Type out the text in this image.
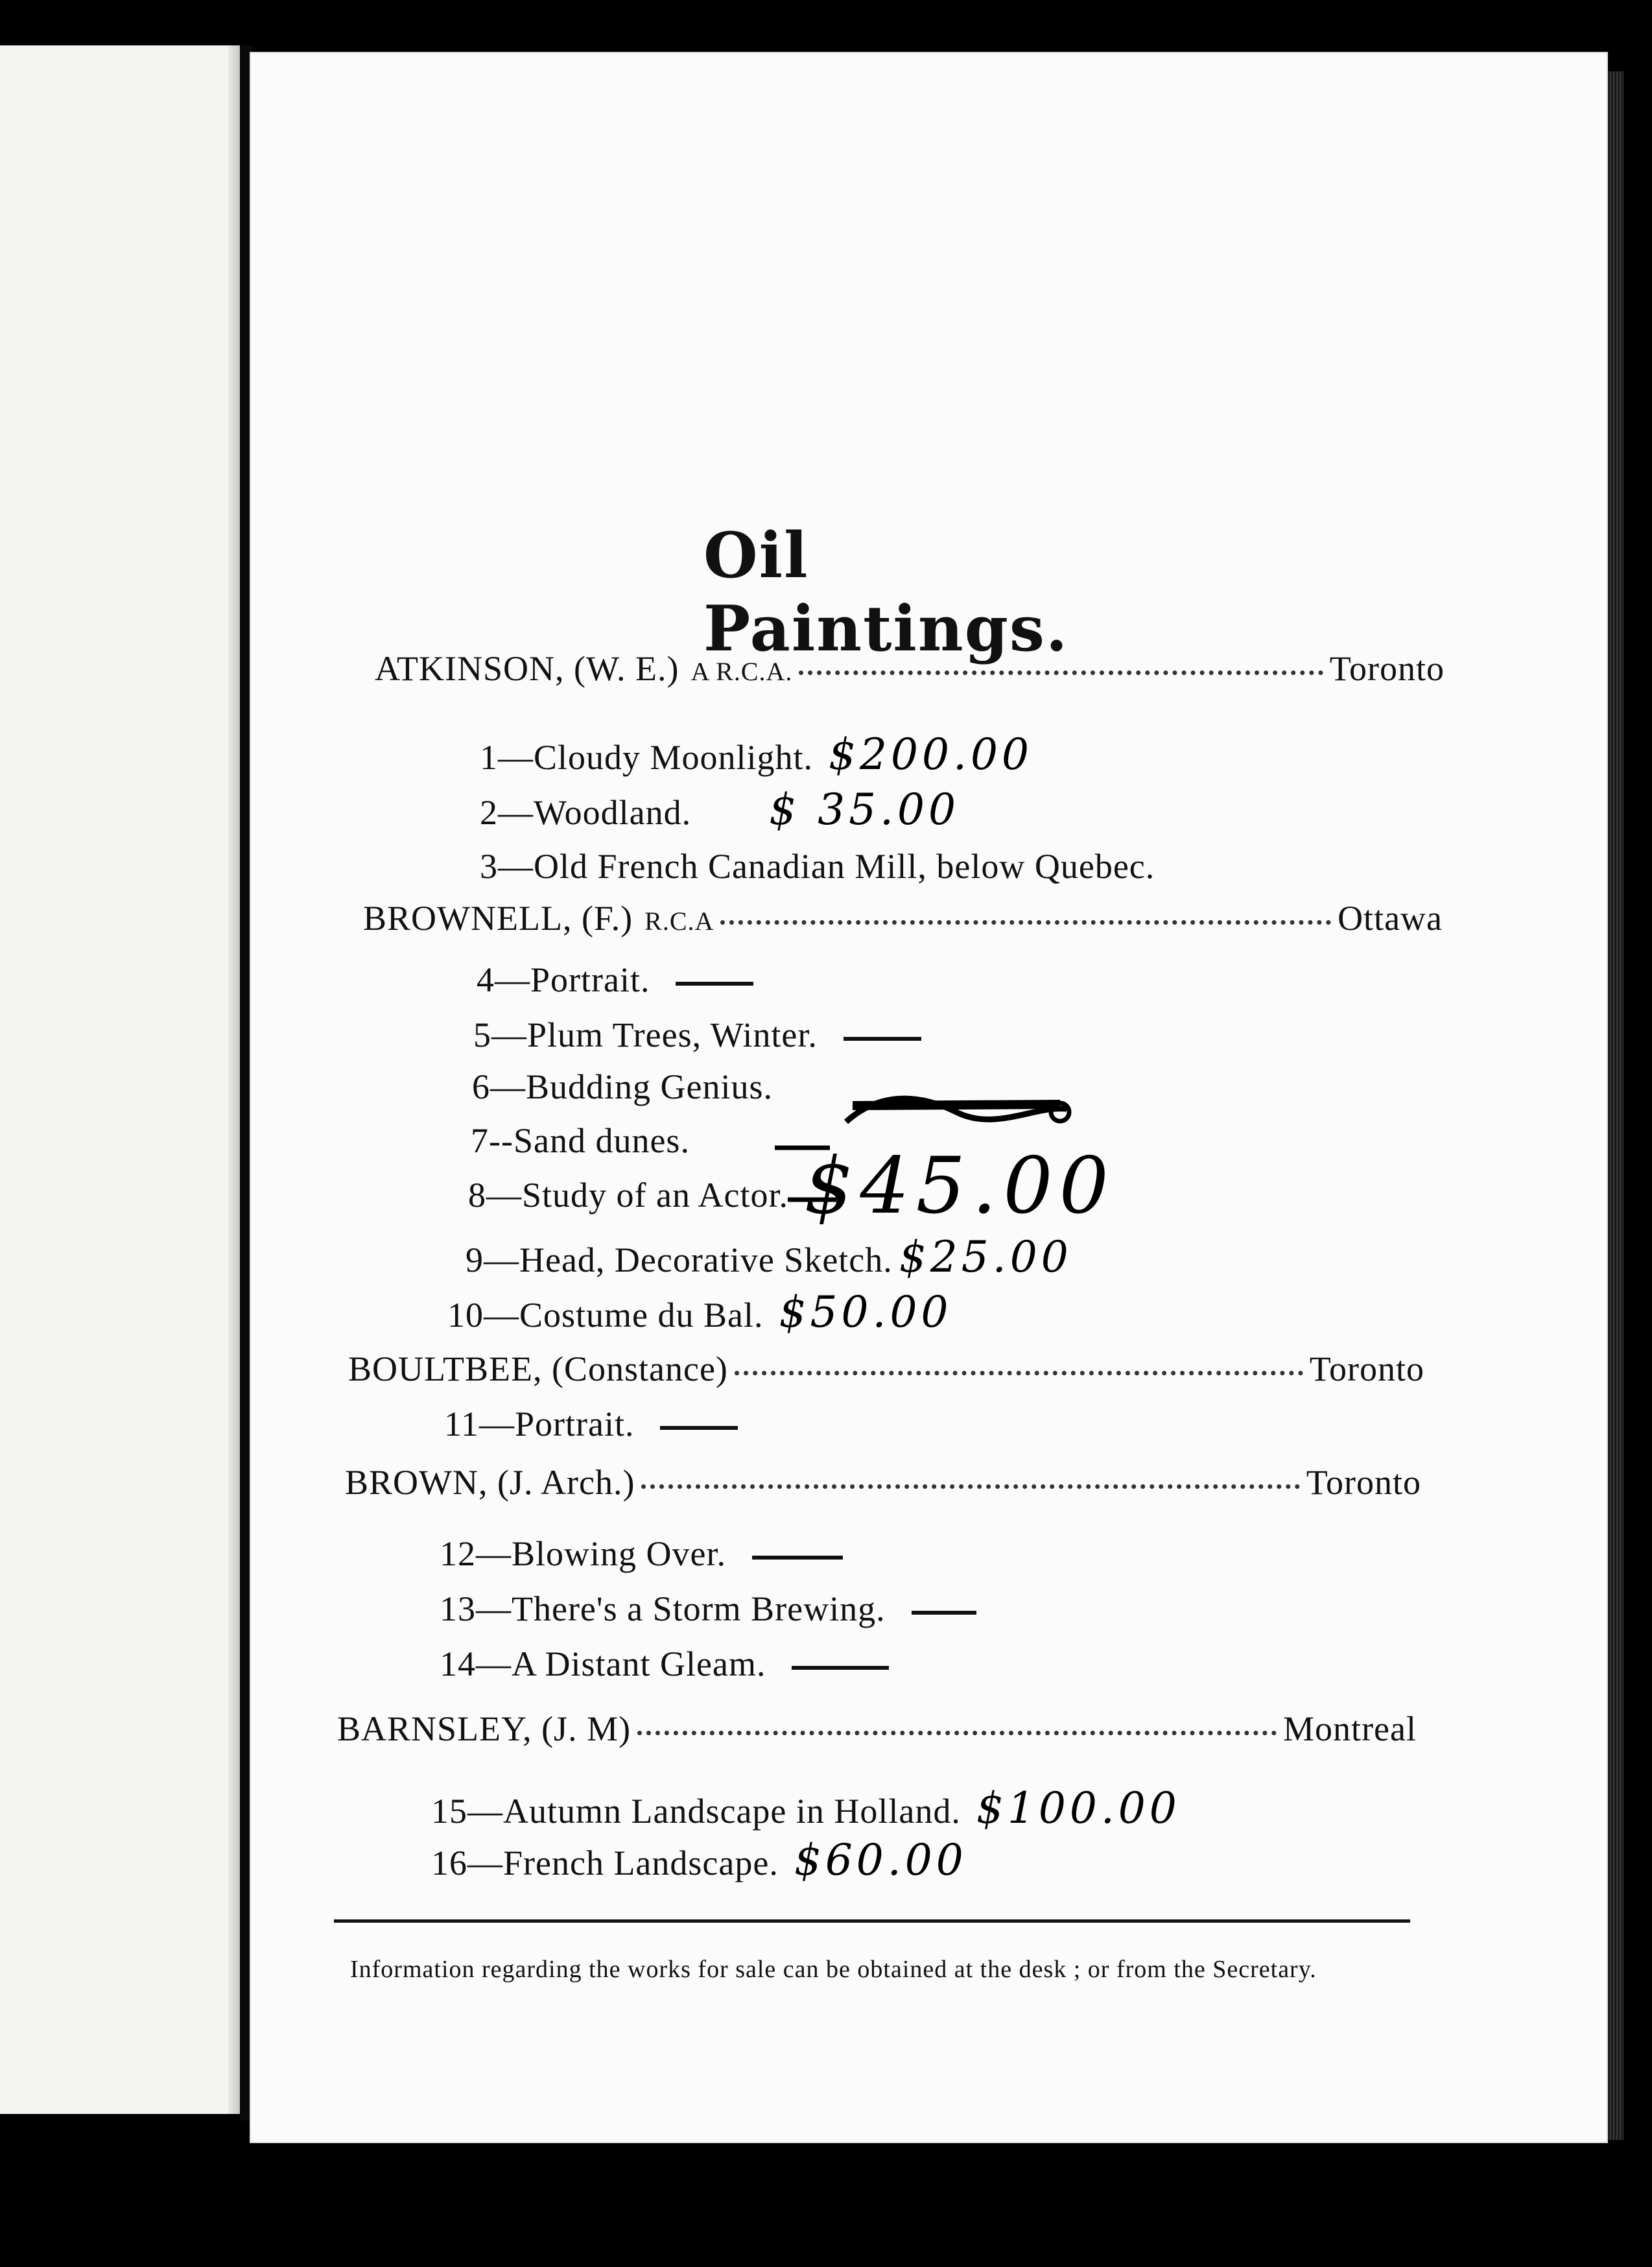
Oil Paintings.
ATKINSON, (W. E.) A R.C.A.	Toronto
1—Cloudy Moonlight. $200.00
2—Woodland. $ 35.00
3—Old French Canadian Mill, below Quebec.
BROWNELL, (F.) R.C.A	Ottawa
4—Portrait.
5—Plum Trees, Winter.
6—Budding Genius.
7--Sand dunes.
8—Study of an Actor. $45.00
9—Head, Decorative Sketch. $25.00
10—Costume du Bal. $50.00
BOULTBEE, (Constance)	Toronto
11—Portrait.
BROWN, (J. Arch.)	Toronto
12—Blowing Over.
13—There's a Storm Brewing.
14—A Distant Gleam.
BARNSLEY, (J. M)	Montreal
15—Autumn Landscape in Holland. $100.00
16—French Landscape. $60.00
Information regarding the works for sale can be obtained at the desk ; or from the Secretary.
